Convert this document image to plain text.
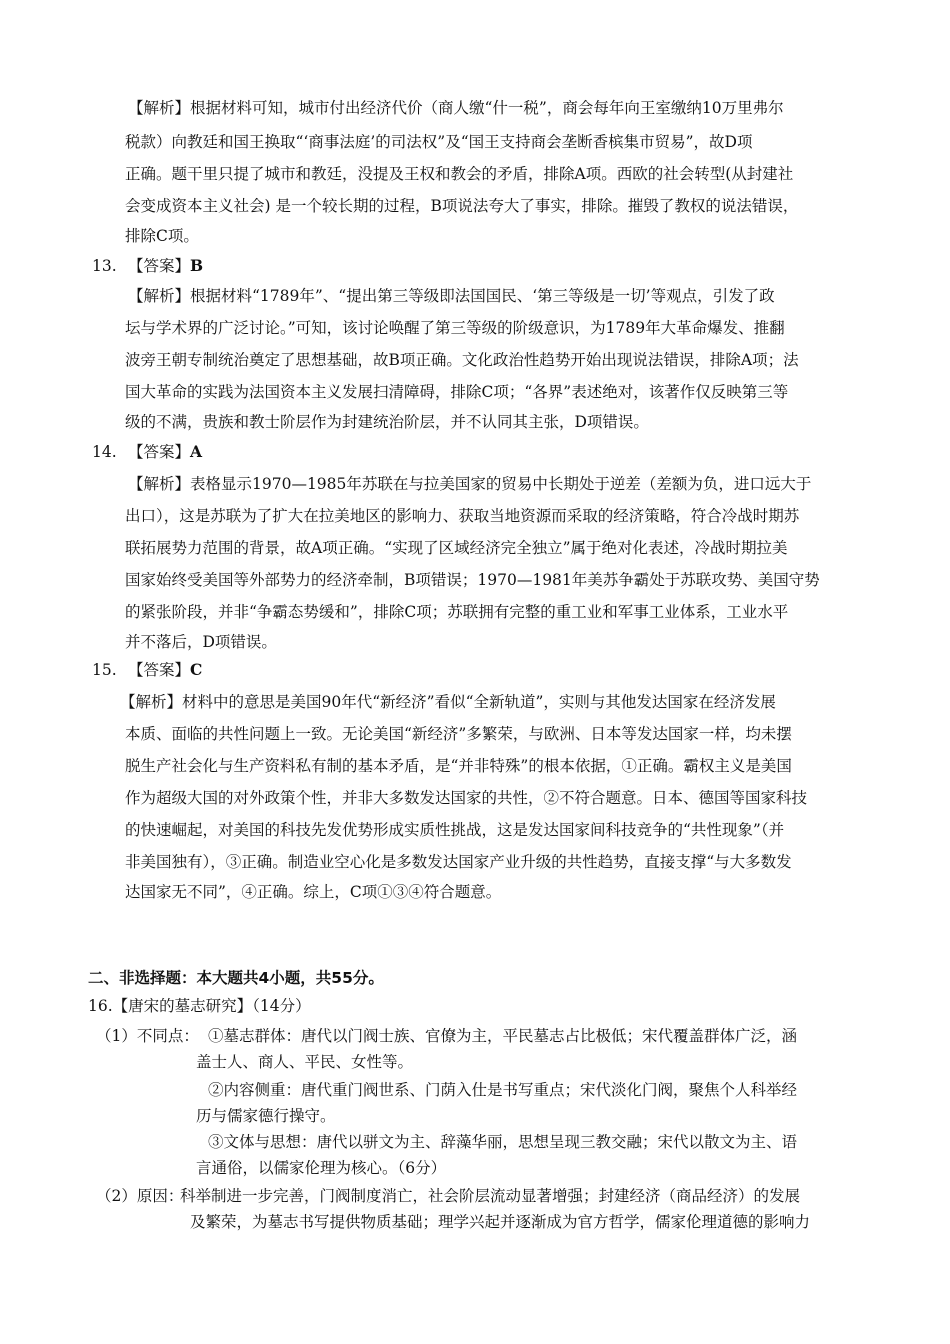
【解析】根据材料可知，城市付出经济代价（商人缴“什一税”，商会每年向王室缴纳10万里弗尔
税款）向教廷和国王换取“‘商事法庭’的司法权”及“国王支持商会垄断香槟集市贸易”，故D项
正确。题干里只提了城市和教廷，没提及王权和教会的矛盾，排除A项。西欧的社会转型(从封建社
会变成资本主义社会) 是一个较长期的过程，B项说法夸大了事实，排除。摧毁了教权的说法错误，
排除C项。
13. 【答案】B
【解析】根据材料“1789年”、“提出第三等级即法国国民、‘第三等级是一切’等观点，引发了政
坛与学术界的广泛讨论。”可知，该讨论唤醒了第三等级的阶级意识，为1789年大革命爆发、推翻
波旁王朝专制统治奠定了思想基础，故B项正确。文化政治性趋势开始出现说法错误，排除A项；法
国大革命的实践为法国资本主义发展扫清障碍，排除C项；“各界”表述绝对，该著作仅反映第三等
级的不满，贵族和教士阶层作为封建统治阶层，并不认同其主张，D项错误。
14. 【答案】A
【解析】表格显示1970—1985年苏联在与拉美国家的贸易中长期处于逆差（差额为负，进口远大于
出口），这是苏联为了扩大在拉美地区的影响力、获取当地资源而采取的经济策略，符合冷战时期苏
联拓展势力范围的背景，故A项正确。“实现了区域经济完全独立”属于绝对化表述，冷战时期拉美
国家始终受美国等外部势力的经济牵制，B项错误；1970—1981年美苏争霸处于苏联攻势、美国守势
的紧张阶段，并非“争霸态势缓和”，排除C项；苏联拥有完整的重工业和军事工业体系，工业水平
并不落后，D项错误。
15. 【答案】C
【解析】材料中的意思是美国90年代“新经济”看似“全新轨道”，实则与其他发达国家在经济发展
本质、面临的共性问题上一致。无论美国“新经济”多繁荣，与欧洲、日本等发达国家一样，均未摆
脱生产社会化与生产资料私有制的基本矛盾，是“并非特殊”的根本依据，①正确。霸权主义是美国
作为超级大国的对外政策个性，并非大多数发达国家的共性，②不符合题意。日本、德国等国家科技
的快速崛起，对美国的科技先发优势形成实质性挑战，这是发达国家间科技竞争的“共性现象”（并
非美国独有），③正确。制造业空心化是多数发达国家产业升级的共性趋势，直接支撑“与大多数发
达国家无不同”，④正确。综上，C项①③④符合题意。
二、非选择题：本大题共4小题，共55分。
16.【唐宋的墓志研究】（14分）
（1）不同点： ①墓志群体：唐代以门阀士族、官僚为主，平民墓志占比极低；宋代覆盖群体广泛，涵
盖士人、商人、平民、女性等。
②内容侧重：唐代重门阀世系、门荫入仕是书写重点；宋代淡化门阀，聚焦个人科举经
历与儒家德行操守。
③文体与思想：唐代以骈文为主、辞藻华丽，思想呈现三教交融；宋代以散文为主、语
言通俗，以儒家伦理为核心。（6分）
（2）原因：
科举制进一步完善，门阀制度消亡，社会阶层流动显著增强；封建经济（商品经济）的发展
及繁荣，为墓志书写提供物质基础；理学兴起并逐渐成为官方哲学，儒家伦理道德的影响力
